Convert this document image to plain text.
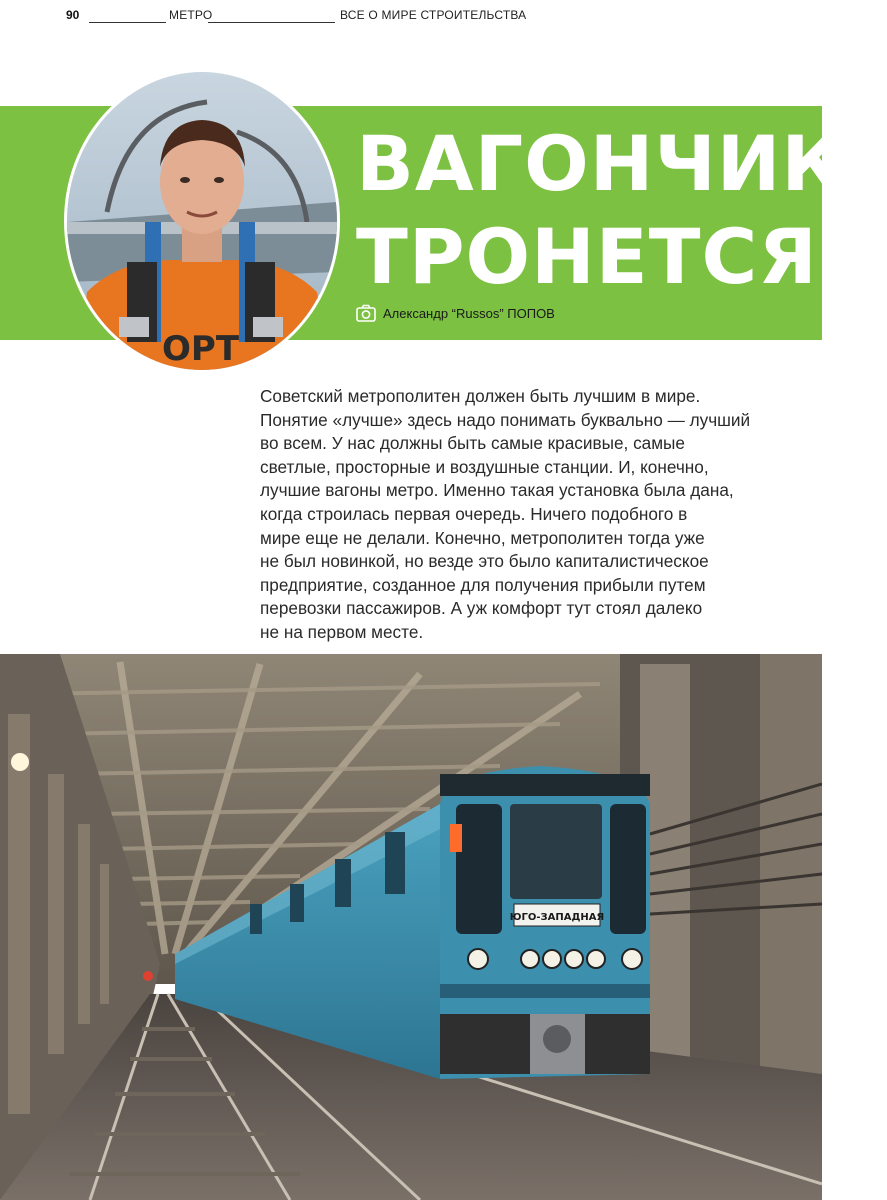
90	МЕТРО	ВСЕ О МИРЕ СТРОИТЕЛЬСТВА
OPT
ВАГОНЧИК
ТРОНЕТСЯ
Александр “Russos” ПОПОВ

Советский метрополитен должен быть лучшим в мире.
Понятие «лучше» здесь надо понимать буквально — лучший
во всем. У нас должны быть самые красивые, самые
светлые, просторные и воздушные станции. И, конечно,
лучшие вагоны метро. Именно такая установка была дана,
когда строилась первая очередь. Ничего подобного в
мире еще не делали. Конечно, метрополитен тогда уже
не был новинкой, но везде это было капиталистическое
предприятие, созданное для получения прибыли путем
перевозки пассажиров. А уж комфорт тут стоял далеко
не на первом месте.

ЮГО-ЗАПАДНАЯ
